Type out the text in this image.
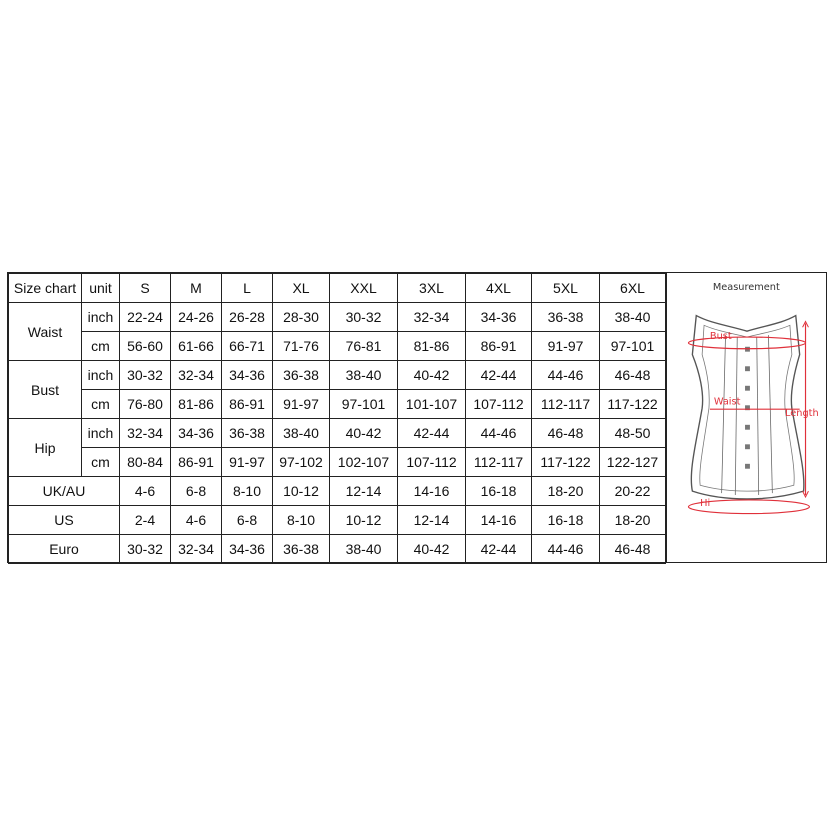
Size chart	unit	S	M	L	XL	XXL	3XL	4XL	5XL	6XL
Waist	inch	22-24	24-26	26-28	28-30	30-32	32-34	34-36	36-38	38-40
	cm	56-60	61-66	66-71	71-76	76-81	81-86	86-91	91-97	97-101
Bust	inch	30-32	32-34	34-36	36-38	38-40	40-42	42-44	44-46	46-48
	cm	76-80	81-86	86-91	91-97	97-101	101-107	107-112	112-117	117-122
Hip	inch	32-34	34-36	36-38	38-40	40-42	42-44	44-46	46-48	48-50
	cm	80-84	86-91	91-97	97-102	102-107	107-112	112-117	117-122	122-127
UK/AU		4-6	6-8	8-10	10-12	12-14	14-16	16-18	18-20	20-22
US		2-4	4-6	6-8	8-10	10-12	12-14	14-16	16-18	18-20
Euro		30-32	32-34	34-36	36-38	38-40	40-42	42-44	44-46	46-48
Measurement
Bust
Waist
Length
Hi
